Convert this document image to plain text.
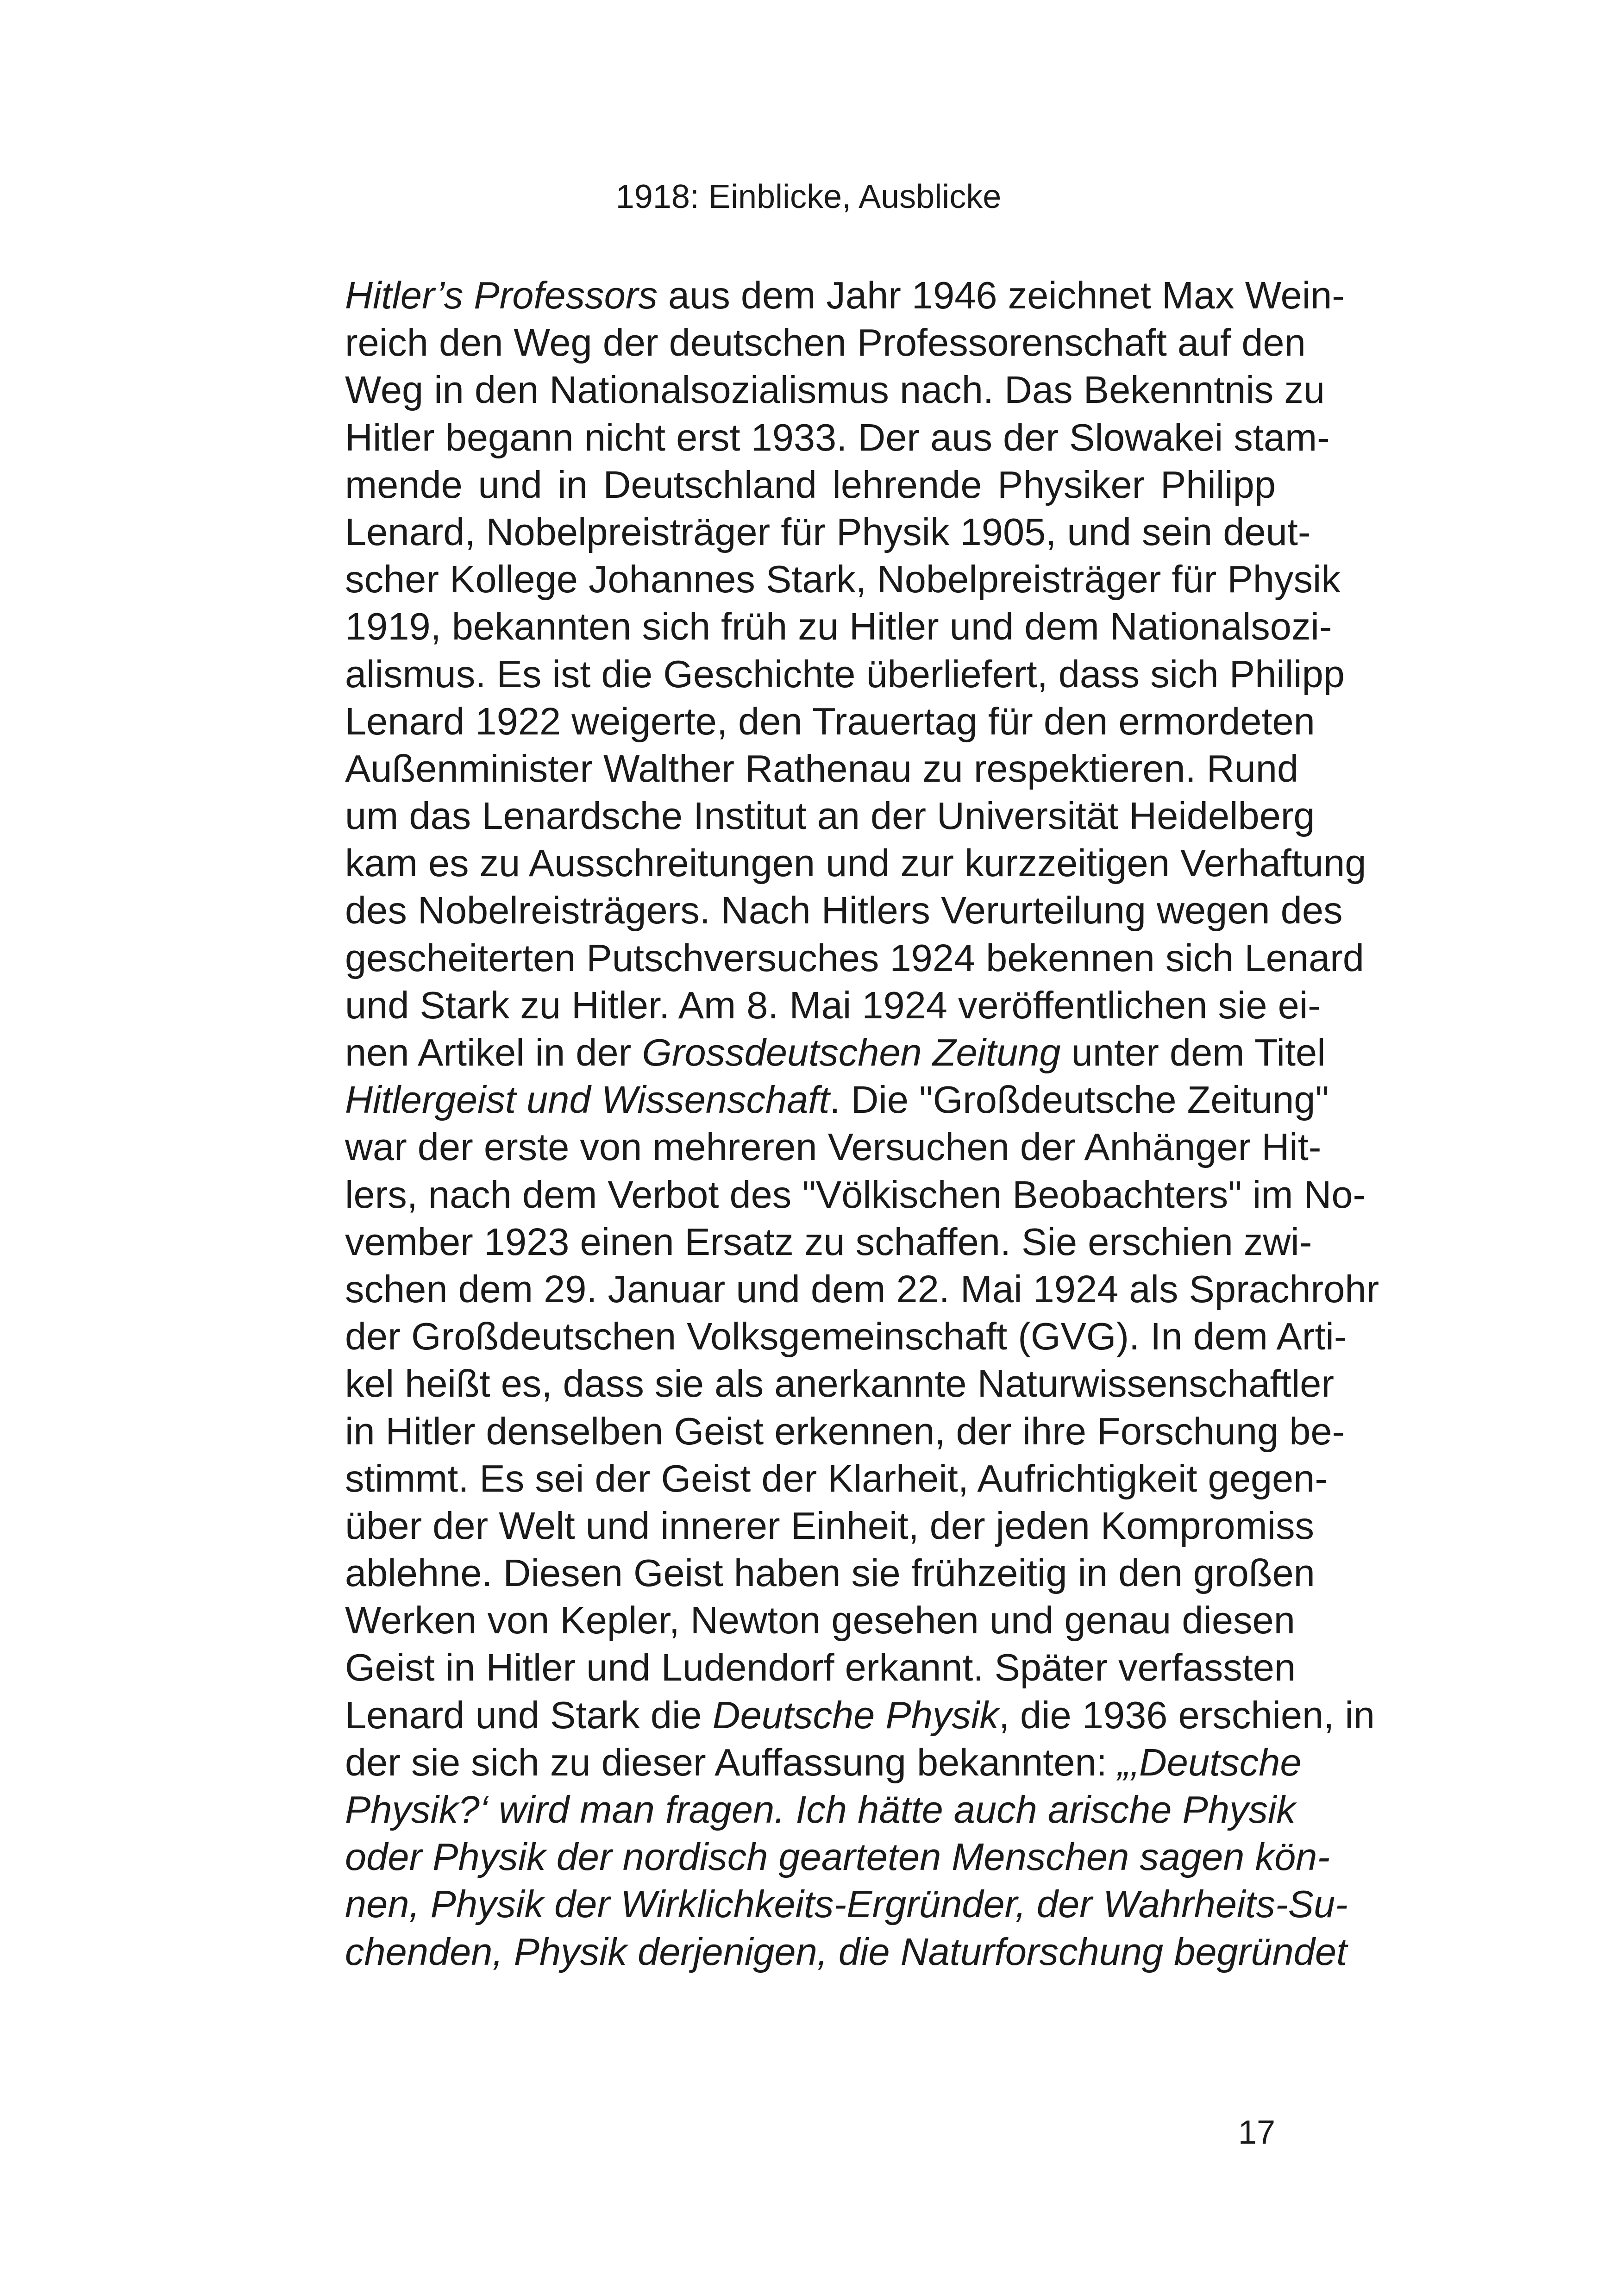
1918: Einblicke, Ausblicke
Hitler’s Professors aus dem Jahr 1946 zeichnet Max Wein-
reich den Weg der deutschen Professorenschaft auf den
Weg in den Nationalsozialismus nach. Das Bekenntnis zu
Hitler begann nicht erst 1933. Der aus der Slowakei stam-
mende und in Deutschland lehrende Physiker Philipp
Lenard, Nobelpreisträger für Physik 1905, und sein deut-
scher Kollege Johannes Stark, Nobelpreisträger für Physik
1919, bekannten sich früh zu Hitler und dem Nationalsozi-
alismus. Es ist die Geschichte überliefert, dass sich Philipp
Lenard 1922 weigerte, den Trauertag für den ermordeten
Außenminister Walther Rathenau zu respektieren. Rund
um das Lenardsche Institut an der Universität Heidelberg
kam es zu Ausschreitungen und zur kurzzeitigen Verhaftung
des Nobelreisträgers. Nach Hitlers Verurteilung wegen des
gescheiterten Putschversuches 1924 bekennen sich Lenard
und Stark zu Hitler. Am 8. Mai 1924 veröffentlichen sie ei-
nen Artikel in der Grossdeutschen Zeitung unter dem Titel
Hitlergeist und Wissenschaft. Die "Großdeutsche Zeitung"
war der erste von mehreren Versuchen der Anhänger Hit-
lers, nach dem Verbot des "Völkischen Beobachters" im No-
vember 1923 einen Ersatz zu schaffen. Sie erschien zwi-
schen dem 29. Januar und dem 22. Mai 1924 als Sprachrohr
der Großdeutschen Volksgemeinschaft (GVG). In dem Arti-
kel heißt es, dass sie als anerkannte Naturwissenschaftler
in Hitler denselben Geist erkennen, der ihre Forschung be-
stimmt. Es sei der Geist der Klarheit, Aufrichtigkeit gegen-
über der Welt und innerer Einheit, der jeden Kompromiss
ablehne. Diesen Geist haben sie frühzeitig in den großen
Werken von Kepler, Newton gesehen und genau diesen
Geist in Hitler und Ludendorf erkannt. Später verfassten
Lenard und Stark die Deutsche Physik, die 1936 erschien, in
der sie sich zu dieser Auffassung bekannten: „‚Deutsche
Physik?‘ wird man fragen. Ich hätte auch arische Physik
oder Physik der nordisch gearteten Menschen sagen kön-
nen, Physik der Wirklichkeits-Ergründer, der Wahrheits-Su-
chenden, Physik derjenigen, die Naturforschung begründet
17
